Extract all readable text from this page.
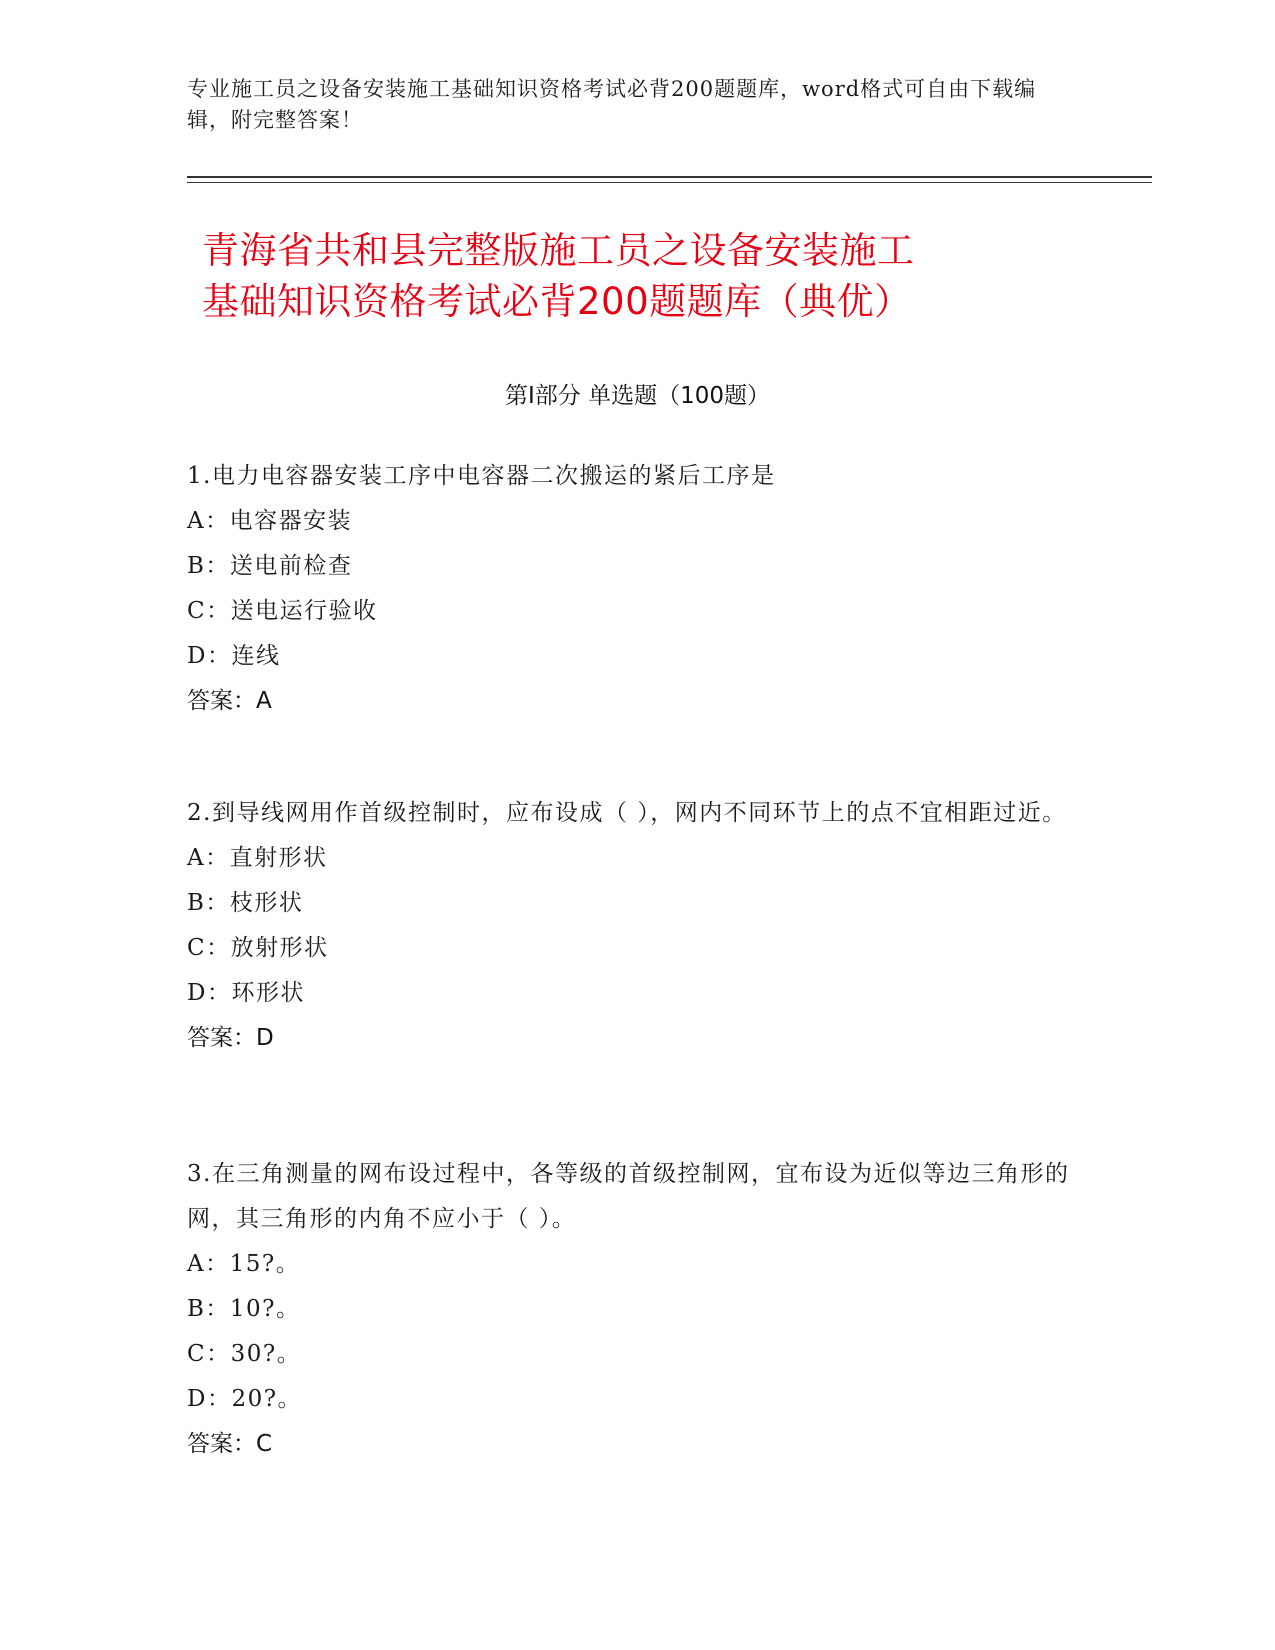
专业施工员之设备安装施工基础知识资格考试必背200题题库，word格式可自由下载编辑，附完整答案！
青海省共和县完整版施工员之设备安装施工
基础知识资格考试必背200题题库（典优）
第Ⅰ部分 单选题（100题）
1.电力电容器安装工序中电容器二次搬运的紧后工序是
A：电容器安装
B：送电前检查
C：送电运行验收
D：连线
答案：A
2.到导线网用作首级控制时，应布设成（ ），网内不同环节上的点不宜相距过近。
A：直射形状
B：枝形状
C：放射形状
D：环形状
答案：D
3.在三角测量的网布设过程中，各等级的首级控制网，宜布设为近似等边三角形的网，其三角形的内角不应小于（ ）。
A：15?。
B：10?。
C：30?。
D：20?。
答案：C
